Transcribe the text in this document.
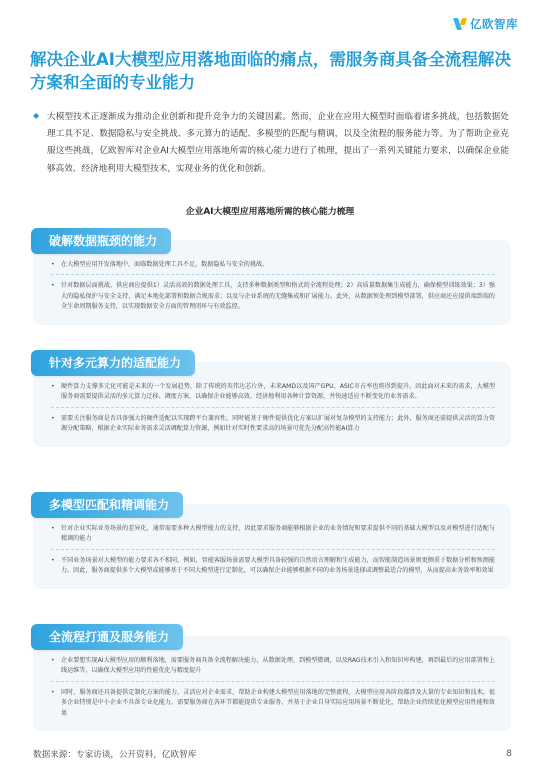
亿欧智库
解决企业AI大模型应用落地面临的痛点，需服务商具备全流程解决方案和全面的专业能力
◆ 大模型技术正逐渐成为推动企业创新和提升竞争力的关键因素。然而，企业在应用大模型时面临着诸多挑战，包括数据处理工具不足、数据隐私与安全挑战、多元算力的适配、多模型的匹配与精调，以及全流程的服务能力等。为了帮助企业克服这些挑战，亿欧智库对企业AI大模型应用落地所需的核心能力进行了梳理，提出了一系列关键能力要求，以确保企业能够高效、经济地利用大模型技术，实现业务的优化和创新。

企业AI大模型应用落地所需的核心能力梳理
破解数据瓶颈的能力
•	在大模型应用开发落地中，面临数据处理工具不足、数据隐私与安全的挑战。
•	针对数据层面挑战，供应商应提供1）灵活高效的数据处理工具，支持多种数据类型和格式的全流程处理；2）高质量数据集生成能力，确保模型训练效果；3）强大的隐私保护与安全支持，满足本地化部署和数据合规需求；以及与企业系统的无缝集成和扩展能力。此外，从数据预处理到模型部署，供应商还应提供端到端的全生命周期服务支持，以实现数据安全方面的管理闭环与有效监控。
针对多元算力的适配能力
•	硬件算力支撑多元化可能是未来的一个发展趋势，除了传统的英伟达芯片外，未来AMD以及国产GPU、ASIC市占率也将得到提升。因此面对未来的需求，大模型服务商需要提供灵活的多元算力迁移、调度方案，以确保企业能够高效、经济地利用各种计算资源，并快速适应不断变化的业务需求。
•	需要关注服务商是否具备强大的硬件适配以实现跨平台兼容性，同时能基于硬件提供优化方案以扩展对复杂模型的支持能力；此外，服务商还需提供灵活的算力资源分配策略，根据企业实际业务需求灵活调配算力资源，例如针对实时性要求高的场景可优先分配高性能AI算力
多模型匹配和精调能力
•	针对企业实际业务场景的差异化，通常需要多种大模型能力的支持，因此要求服务商能够根据企业的业务情况和要求提供不同的基础大模型以及对模型进行适配与精调的能力
•	不同业务场景对大模型的能力要求各不相同，例如，智能客服场景需要大模型具备较强的自然语言理解和生成能力，而智能制造场景则更侧重于数据分析和预测能力。因此，服务商提供多个大模型或能够基于不同大模型进行定制化，可以确保企业能够根据不同的业务场景选择或调整最适合的模型，从而提高业务效率和效果
全流程打通及服务能力
•	企业要想实现AI大模型应用的顺利落地，需要服务商具备全流程解决能力，从数据处理，到模型微调，以及RAG技术引入和知识库构建，再到最后的应用部署和上线运维等，以确保大模型应用的性能优化与精度提升
•	同时，服务商还具备提供定制化方案的能力，灵活应对企业需求，帮助企业构建大模型应用落地的完整流程。大模型应用各阶段都涉及大量的专业知识和技术，很多企业特别是中小企业不具备专业化能力，需要服务商在各环节都能提供专业服务，并基于企业自身实际应用场景不断优化，帮助企业持续优化模型应用性能和效果
数据来源：专家访谈，公开资料，亿欧智库	8
